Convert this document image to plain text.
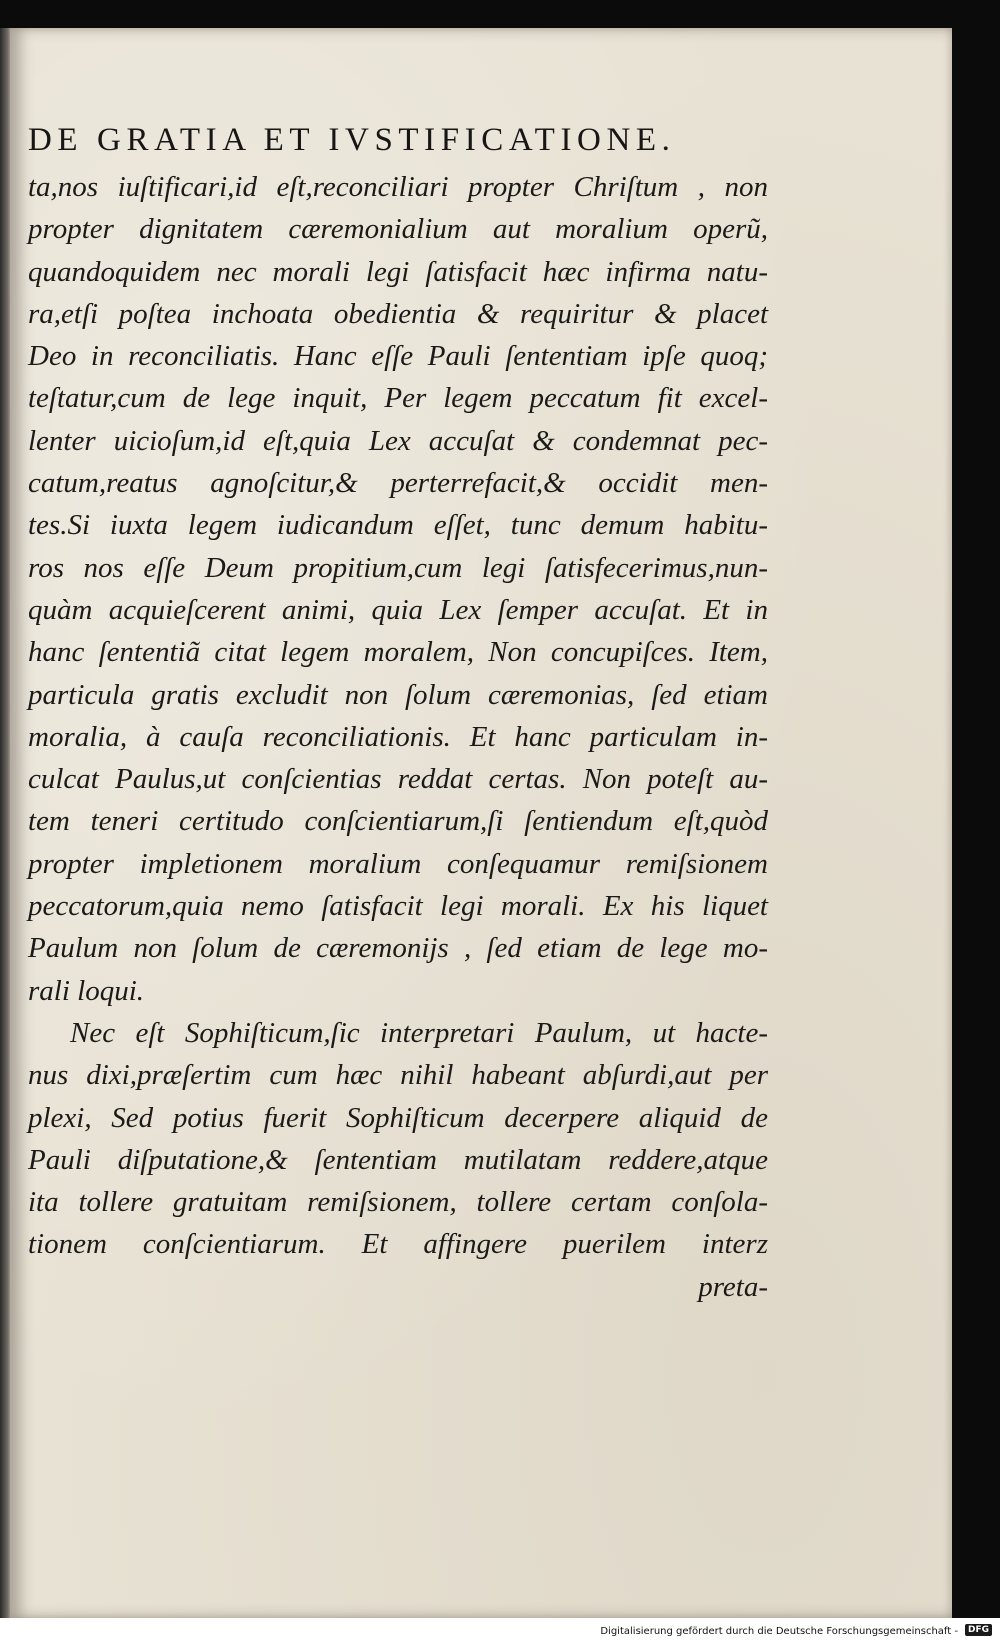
DE GRATIA ET IVSTIFICATIONE.
ta,nos iuſtificari,id eſt,reconciliari propter Chriſtum , non
propter dignitatem cæremonialium aut moralium operũ,
quandoquidem nec morali legi ſatisfacit hæc infirma natu-
ra,etſi poſtea inchoata obedientia & requiritur & placet
Deo in reconciliatis. Hanc eſſe Pauli ſententiam ipſe quoq;
teſtatur,cum de lege inquit, Per legem peccatum fit excel-
lenter uicioſum,id eſt,quia Lex accuſat & condemnat pec-
catum,reatus agnoſcitur,& perterrefacit,& occidit men-
tes.Si iuxta legem iudicandum eſſet, tunc demum habitu-
ros nos eſſe Deum propitium,cum legi ſatisfecerimus,nun-
quàm acquieſcerent animi, quia Lex ſemper accuſat. Et in
hanc ſententiã citat legem moralem, Non concupiſces. Item,
particula gratis excludit non ſolum cæremonias, ſed etiam
moralia, à cauſa reconciliationis. Et hanc particulam in-
culcat Paulus,ut conſcientias reddat certas. Non poteſt au-
tem teneri certitudo conſcientiarum,ſi ſentiendum eſt,quòd
propter impletionem moralium conſequamur remiſsionem
peccatorum,quia nemo ſatisfacit legi morali. Ex his liquet
Paulum non ſolum de cæremonijs , ſed etiam de lege mo-
rali loqui.
Nec eſt Sophiſticum,ſic interpretari Paulum, ut hacte-
nus dixi,præſertim cum hæc nihil habeant abſurdi,aut per
plexi, Sed potius fuerit Sophiſticum decerpere aliquid de
Pauli diſputatione,& ſententiam mutilatam reddere,atque
ita tollere gratuitam remiſsionem, tollere certam conſola-
tionem conſcientiarum. Et affingere puerilem interz
preta-
Digitalisierung gefördert durch die Deutsche Forschungsgemeinschaft -	DFG
